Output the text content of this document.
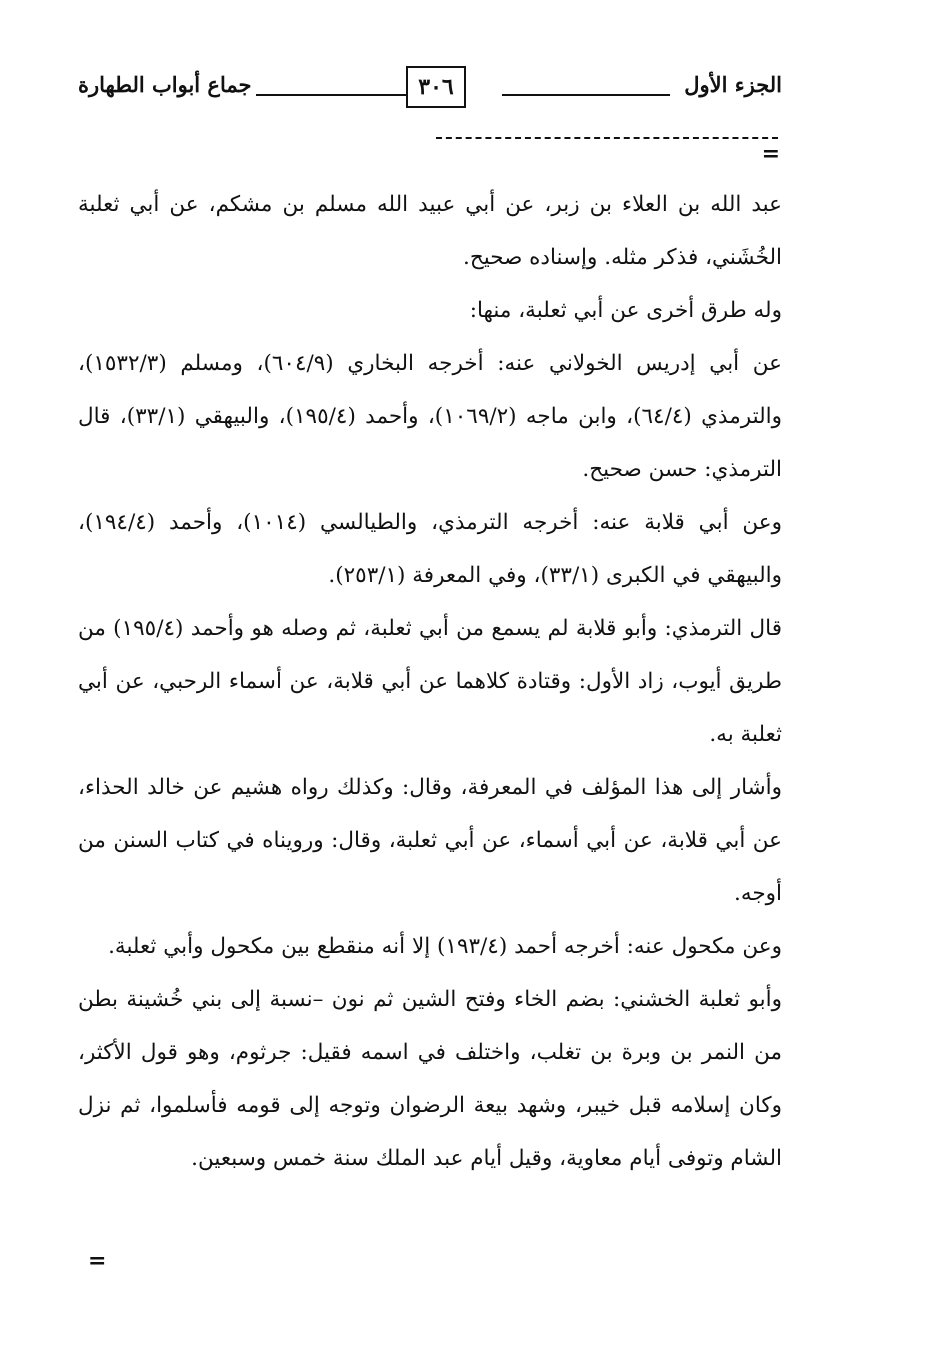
الجزء الأول
٣٠٦
جماع أبواب الطهارة
=

عبد الله بن العلاء بن زبر، عن أبي عبيد الله مسلم بن مشكم، عن أبي ثعلبة الخُشَني، فذكر مثله. وإسناده صحيح.

وله طرق أخرى عن أبي ثعلبة، منها:

عن أبي إدريس الخولاني عنه: أخرجه البخاري (٦٠٤/٩)، ومسلم (١٥٣٢/٣)، والترمذي (٦٤/٤)، وابن ماجه (١٠٦٩/٢)، وأحمد (١٩٥/٤)، والبيهقي (٣٣/١)، قال الترمذي: حسن صحيح.

وعن أبي قلابة عنه: أخرجه الترمذي، والطيالسي (١٠١٤)، وأحمد (١٩٤/٤)، والبيهقي في الكبرى (٣٣/١)، وفي المعرفة (٢٥٣/١).

قال الترمذي: وأبو قلابة لم يسمع من أبي ثعلبة، ثم وصله هو وأحمد (١٩٥/٤) من طريق أيوب، زاد الأول: وقتادة كلاهما عن أبي قلابة، عن أسماء الرحبي، عن أبي ثعلبة به.

وأشار إلى هذا المؤلف في المعرفة، وقال: وكذلك رواه هشيم عن خالد الحذاء، عن أبي قلابة، عن أبي أسماء، عن أبي ثعلبة، وقال: ورويناه في كتاب السنن من أوجه.

وعن مكحول عنه: أخرجه أحمد (١٩٣/٤) إلا أنه منقطع بين مكحول وأبي ثعلبة.

وأبو ثعلبة الخشني: بضم الخاء وفتح الشين ثم نون –نسبة إلى بني خُشينة بطن من النمر بن وبرة بن تغلب، واختلف في اسمه فقيل: جرثوم، وهو قول الأكثر، وكان إسلامه قبل خيبر، وشهد بيعة الرضوان وتوجه إلى قومه فأسلموا، ثم نزل الشام وتوفى أيام معاوية، وقيل أيام عبد الملك سنة خمس وسبعين.

=
